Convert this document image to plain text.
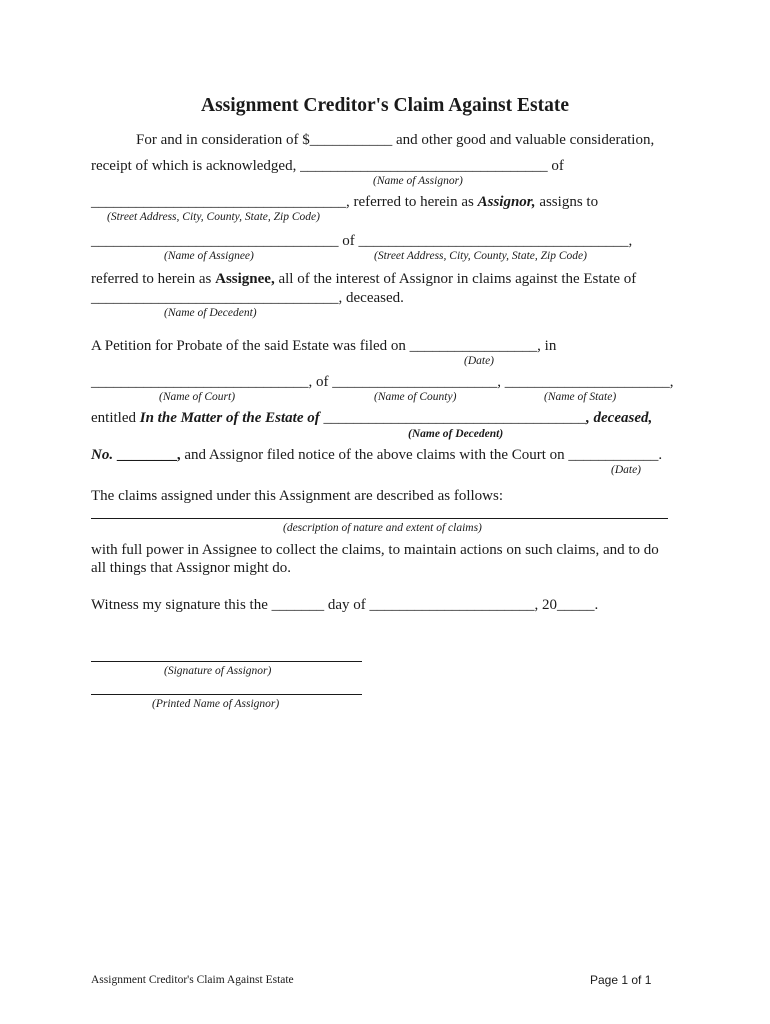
Assignment Creditor's Claim Against Estate
For and in consideration of $___________ and other good and valuable consideration,
receipt of which is acknowledged, _________________________________ of
(Name of Assignor)
__________________________________, referred to herein as Assignor, assigns to
(Street Address, City, County, State, Zip Code)
_________________________________ of ____________________________________,
(Name of Assignee)	(Street Address, City, County, State, Zip Code)
referred to herein as Assignee, all of the interest of Assignor in claims against the Estate of
_________________________________, deceased.
(Name of Decedent)
A Petition for Probate of the said Estate was filed on _________________, in
(Date)
_____________________________, of ______________________, ______________________,
(Name of Court)	(Name of County)	(Name of State)
entitled In the Matter of the Estate of ___________________________________, deceased,
(Name of Decedent)
No. ________, and Assignor filed notice of the above claims with the Court on ____________.
(Date)
The claims assigned under this Assignment are described as follows:
(description of nature and extent of claims)
with full power in Assignee to collect the claims, to maintain actions on such claims, and to do
all things that Assignor might do.
Witness my signature this the _______ day of ______________________, 20_____.
(Signature of Assignor)
(Printed Name of Assignor)
Assignment Creditor's Claim Against Estate	Page 1 of 1
